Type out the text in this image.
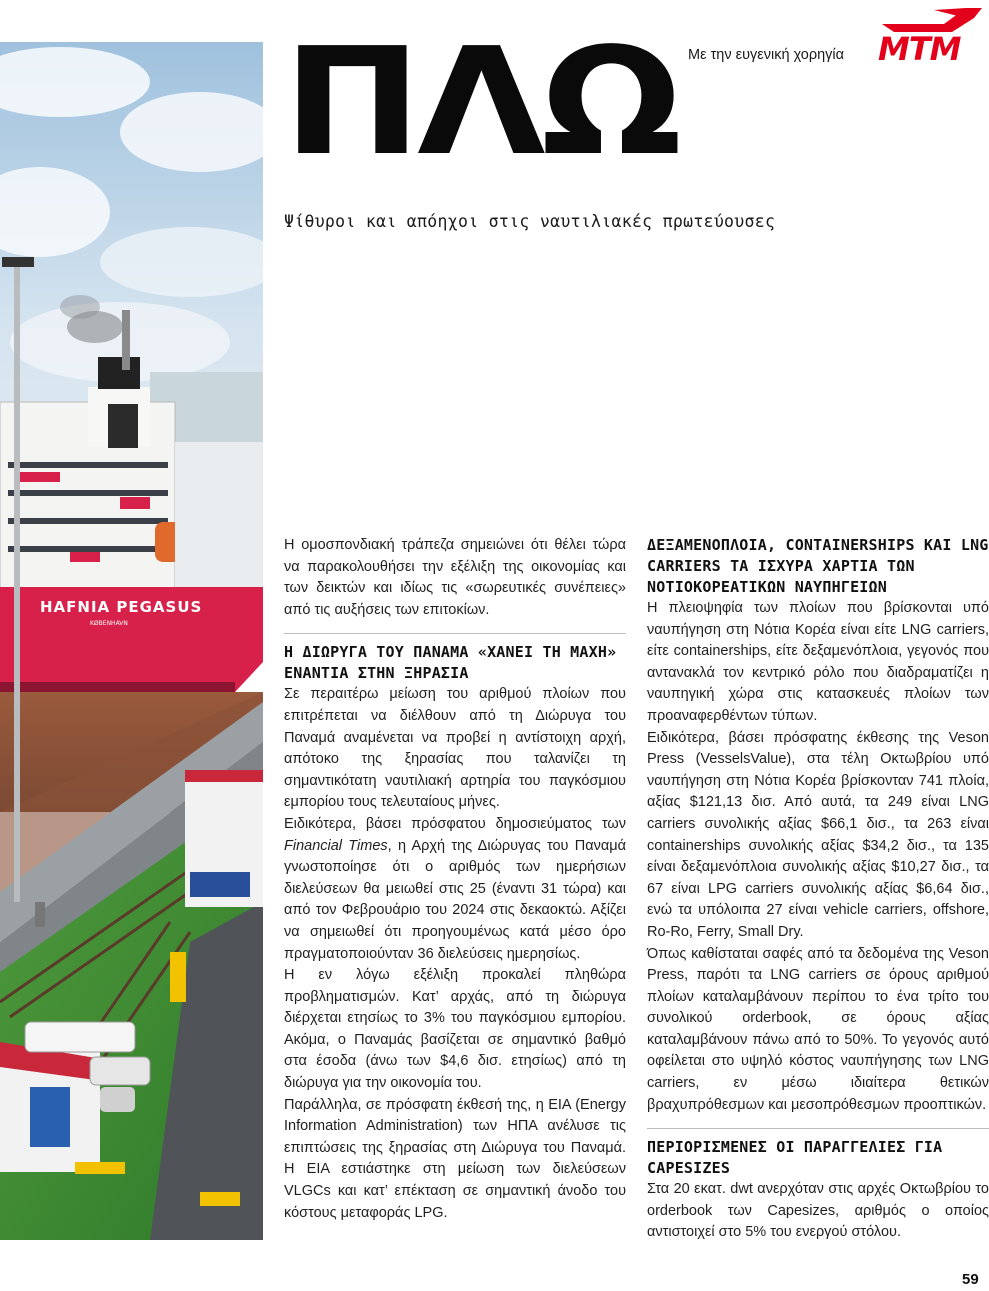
HAFNIA PEGASUS
KØBENHAVN
ΠΛΩ
Ψίθυροι και απόηχοι στις ναυτιλιακές πρωτεύουσες
Με την ευγενική χορηγία MTM

Η ομοσπονδιακή τράπεζα σημειώνει ότι θέλει τώρα να παρακολουθήσει την εξέλιξη της οικονομίας και των δεικτών και ιδίως τις «σωρευτικές συνέπειες» από τις αυξήσεις των επιτοκίων.

Η ΔΙΩΡΥΓΑ ΤΟΥ ΠΑΝΑΜΑ «ΧΑΝΕΙ ΤΗ ΜΑΧΗ» ΕΝΑΝΤΙΑ ΣΤΗΝ ΞΗΡΑΣΙΑ

Σε περαιτέρω μείωση του αριθμού πλοίων που επιτρέπεται να διέλθουν από τη Διώρυγα του Παναμά αναμένεται να προβεί η αντίστοιχη αρχή, απότοκο της ξηρασίας που ταλανίζει τη σημαντικότατη ναυτιλιακή αρτηρία του παγκόσμιου εμπορίου τους τελευταίους μήνες.

Ειδικότερα, βάσει πρόσφατου δημοσιεύματος των Financial Times, η Αρχή της Διώρυγας του Παναμά γνωστοποίησε ότι ο αριθμός των ημερήσιων διελεύσεων θα μειωθεί στις 25 (έναντι 31 τώρα) και από τον Φεβρουάριο του 2024 στις δεκαοκτώ. Αξίζει να σημειωθεί ότι προηγουμένως κατά μέσο όρο πραγματοποιούνταν 36 διελεύσεις ημερησίως.

Η εν λόγω εξέλιξη προκαλεί πληθώρα προβληματισμών. Κατ’ αρχάς, από τη διώρυγα διέρχεται ετησίως το 3% του παγκόσμιου εμπορίου. Ακόμα, ο Παναμάς βασίζεται σε σημαντικό βαθμό στα έσοδα (άνω των $4,6 δισ. ετησίως) από τη διώρυγα για την οικονομία του.

Παράλληλα, σε πρόσφατη έκθεσή της, η EIA (Energy Information Administration) των ΗΠΑ ανέλυσε τις επιπτώσεις της ξηρασίας στη Διώρυγα του Παναμά. Η EIA εστιάστηκε στη μείωση των διελεύσεων VLGCs και κατ’ επέκταση σε σημαντική άνοδο του κόστους μεταφοράς LPG.

ΔΕΞΑΜΕΝΟΠΛΟΙΑ, CONTAINERSHIPS ΚΑΙ LNG CARRIERS ΤΑ ΙΣΧΥΡΑ ΧΑΡΤΙΑ ΤΩΝ ΝΟΤΙΟΚΟΡΕΑΤΙΚΩΝ ΝΑΥΠΗΓΕΙΩΝ

Η πλειοψηφία των πλοίων που βρίσκονται υπό ναυπήγηση στη Νότια Κορέα είναι είτε LNG carriers, είτε containerships, είτε δεξαμενόπλοια, γεγονός που αντανακλά τον κεντρικό ρόλο που διαδραματίζει η ναυπηγική χώρα στις κατασκευές πλοίων των προαναφερθέντων τύπων.

Ειδικότερα, βάσει πρόσφατης έκθεσης της Veson Press (VesselsValue), στα τέλη Οκτωβρίου υπό ναυπήγηση στη Νότια Κορέα βρίσκονταν 741 πλοία, αξίας $121,13 δισ. Από αυτά, τα 249 είναι LNG carriers συνολικής αξίας $66,1 δισ., τα 263 είναι containerships συνολικής αξίας $34,2 δισ., τα 135 είναι δεξαμενόπλοια συνολικής αξίας $10,27 δισ., τα 67 είναι LPG carriers συνολικής αξίας $6,64 δισ., ενώ τα υπόλοιπα 27 είναι vehicle carriers, offshore, Ro-Ro, Ferry, Small Dry.

Όπως καθίσταται σαφές από τα δεδομένα της Veson Press, παρότι τα LNG carriers σε όρους αριθμού πλοίων καταλαμβάνουν περίπου το ένα τρίτο του συνολικού orderbook, σε όρους αξίας καταλαμβάνουν πάνω από το 50%. Το γεγονός αυτό οφείλεται στο υψηλό κόστος ναυπήγησης των LNG carriers, εν μέσω ιδιαίτερα θετικών βραχυπρόθεσμων και μεσοπρόθεσμων προοπτικών.

ΠΕΡΙΟΡΙΣΜΕΝΕΣ ΟΙ ΠΑΡΑΓΓΕΛΙΕΣ ΓΙΑ CAPESIZES

Στα 20 εκατ. dwt ανερχόταν στις αρχές Οκτωβρίου το orderbook των Capesizes, αριθμός ο οποίος αντιστοιχεί στο 5% του ενεργού στόλου.

59
